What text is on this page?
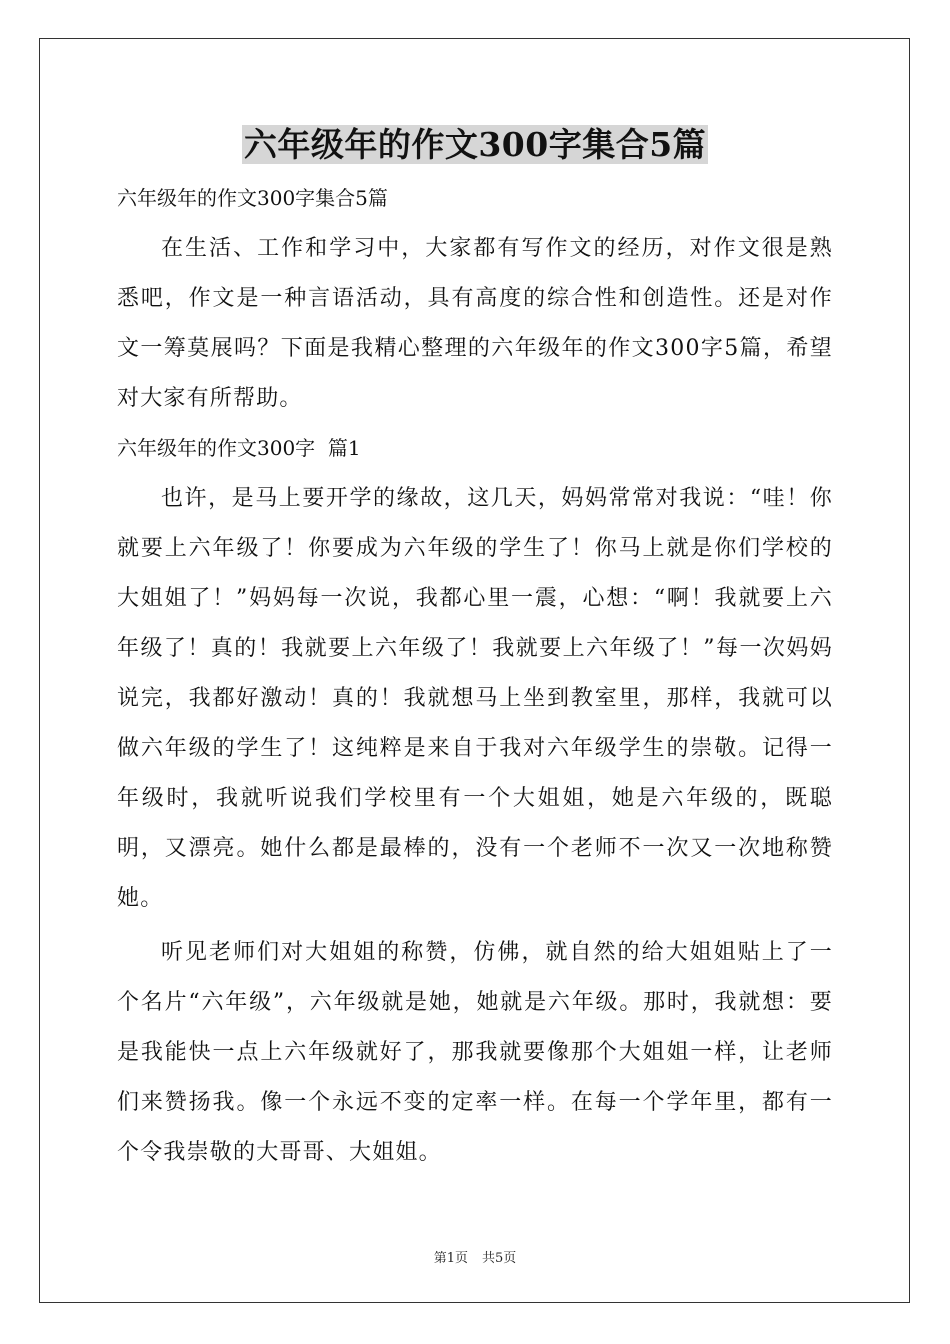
六年级年的作文300字集合5篇

六年级年的作文300字集合5篇

在生活、工作和学习中，大家都有写作文的经历，对作文很是熟悉吧，作文是一种言语活动，具有高度的综合性和创造性。还是对作文一筹莫展吗？下面是我精心整理的六年级年的作文300字5篇，希望对大家有所帮助。

六年级年的作文300字  篇1

也许，是马上要开学的缘故，这几天，妈妈常常对我说：“哇！你就要上六年级了！你要成为六年级的学生了！你马上就是你们学校的大姐姐了！”妈妈每一次说，我都心里一震，心想：“啊！我就要上六年级了！真的！我就要上六年级了！我就要上六年级了！”每一次妈妈说完，我都好激动！真的！我就想马上坐到教室里，那样，我就可以做六年级的学生了！这纯粹是来自于我对六年级学生的崇敬。记得一年级时，我就听说我们学校里有一个大姐姐，她是六年级的，既聪明，又漂亮。她什么都是最棒的，没有一个老师不一次又一次地称赞她。

听见老师们对大姐姐的称赞，仿佛，就自然的给大姐姐贴上了一个名片“六年级”，六年级就是她，她就是六年级。那时，我就想：要是我能快一点上六年级就好了，那我就要像那个大姐姐一样，让老师们来赞扬我。像一个永远不变的定率一样。在每一个学年里，都有一个令我崇敬的大哥哥、大姐姐。

第1页 共5页
